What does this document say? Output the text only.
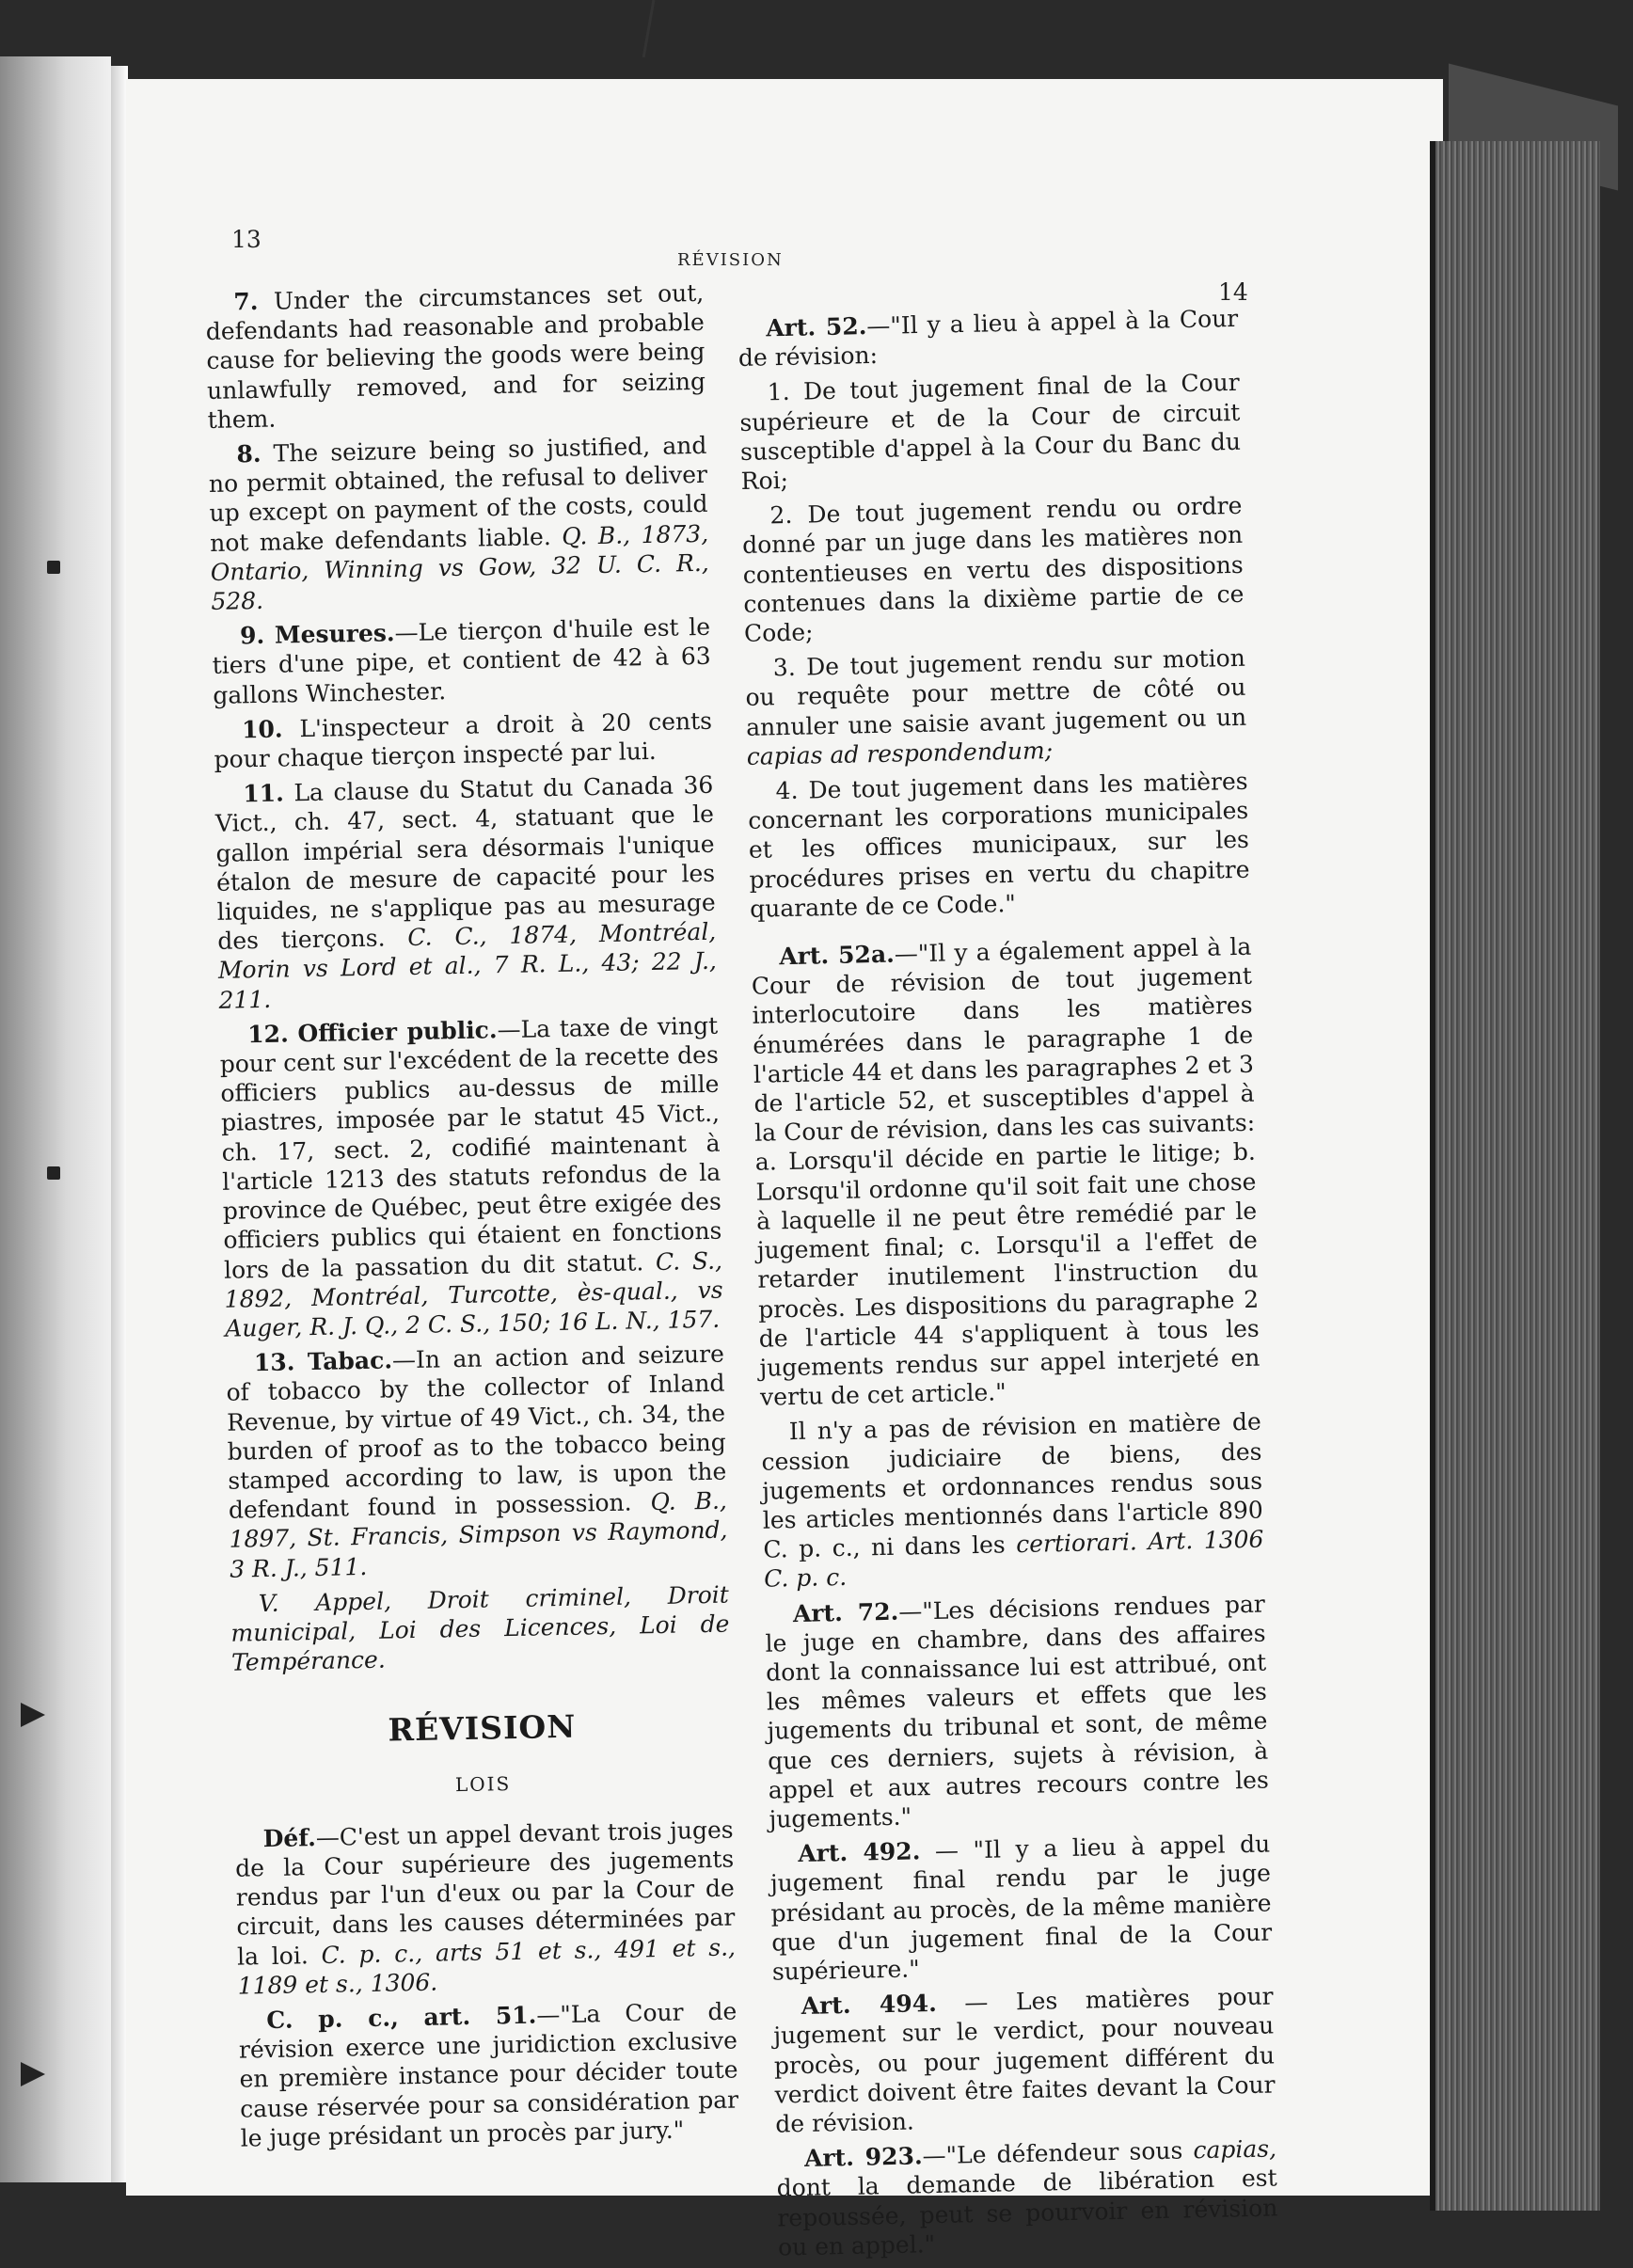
13
RÉVISION
14

7. Under the circumstances set out, defendants had reasonable and probable cause for believing the goods were being unlawfully removed, and for seizing them.

8. The seizure being so justified, and no permit obtained, the refusal to deliver up except on payment of the costs, could not make defendants liable. Q. B., 1873, Ontario, Winning vs Gow, 32 U. C. R., 528.

9. Mesures.—Le tierçon d'huile est le tiers d'une pipe, et contient de 42 à 63 gallons Winchester.

10. L'inspecteur a droit à 20 cents pour chaque tierçon inspecté par lui.

11. La clause du Statut du Canada 36 Vict., ch. 47, sect. 4, statuant que le gallon impérial sera désormais l'unique étalon de mesure de capacité pour les liquides, ne s'applique pas au mesurage des tierçons. C. C., 1874, Montréal, Morin vs Lord et al., 7 R. L., 43; 22 J., 211.

12. Officier public.—La taxe de vingt pour cent sur l'excédent de la recette des officiers publics au-dessus de mille piastres, imposée par le statut 45 Vict., ch. 17, sect. 2, codifié maintenant à l'article 1213 des statuts refondus de la province de Québec, peut être exigée des officiers publics qui étaient en fonctions lors de la passation du dit statut. C. S., 1892, Montréal, Turcotte, ès-qual., vs Auger, R. J. Q., 2 C. S., 150; 16 L. N., 157.

13. Tabac.—In an action and seizure of tobacco by the collector of Inland Revenue, by virtue of 49 Vict., ch. 34, the burden of proof as to the tobacco being stamped according to law, is upon the defendant found in possession. Q. B., 1897, St. Francis, Simpson vs Raymond, 3 R. J., 511.

V. Appel, Droit criminel, Droit municipal, Loi des Licences, Loi de Tempérance.

RÉVISION
LOIS

Déf.—C'est un appel devant trois juges de la Cour supérieure des jugements rendus par l'un d'eux ou par la Cour de circuit, dans les causes déterminées par la loi. C. p. c., arts 51 et s., 491 et s., 1189 et s., 1306.

C. p. c., art. 51.—"La Cour de révision exerce une juridiction exclusive en première instance pour décider toute cause réservée pour sa considération par le juge présidant un procès par jury."

Art. 52.—"Il y a lieu à appel à la Cour de révision:

1. De tout jugement final de la Cour supérieure et de la Cour de circuit susceptible d'appel à la Cour du Banc du Roi;

2. De tout jugement rendu ou ordre donné par un juge dans les matières non contentieuses en vertu des dispositions contenues dans la dixième partie de ce Code;

3. De tout jugement rendu sur motion ou requête pour mettre de côté ou annuler une saisie avant jugement ou un capias ad respondendum;

4. De tout jugement dans les matières concernant les corporations municipales et les offices municipaux, sur les procédures prises en vertu du chapitre quarante de ce Code."

Art. 52a.—"Il y a également appel à la Cour de révision de tout jugement interlocutoire dans les matières énumérées dans le paragraphe 1 de l'article 44 et dans les paragraphes 2 et 3 de l'article 52, et susceptibles d'appel à la Cour de révision, dans les cas suivants: a. Lorsqu'il décide en partie le litige; b. Lorsqu'il ordonne qu'il soit fait une chose à laquelle il ne peut être remédié par le jugement final; c. Lorsqu'il a l'effet de retarder inutilement l'instruction du procès. Les dispositions du paragraphe 2 de l'article 44 s'appliquent à tous les jugements rendus sur appel interjeté en vertu de cet article."

Il n'y a pas de révision en matière de cession judiciaire de biens, des jugements et ordonnances rendus sous les articles mentionnés dans l'article 890 C. p. c., ni dans les certiorari. Art. 1306 C. p. c.

Art. 72.—"Les décisions rendues par le juge en chambre, dans des affaires dont la connaissance lui est attribué, ont les mêmes valeurs et effets que les jugements du tribunal et sont, de même que ces derniers, sujets à révision, à appel et aux autres recours contre les jugements."

Art. 492. — "Il y a lieu à appel du jugement final rendu par le juge présidant au procès, de la même manière que d'un jugement final de la Cour supérieure."

Art. 494. — Les matières pour jugement sur le verdict, pour nouveau procès, ou pour jugement différent du verdict doivent être faites devant la Cour de révision.

Art. 923.—"Le défendeur sous capias, dont la demande de libération est repoussée, peut se pourvoir en révision ou en appel."
